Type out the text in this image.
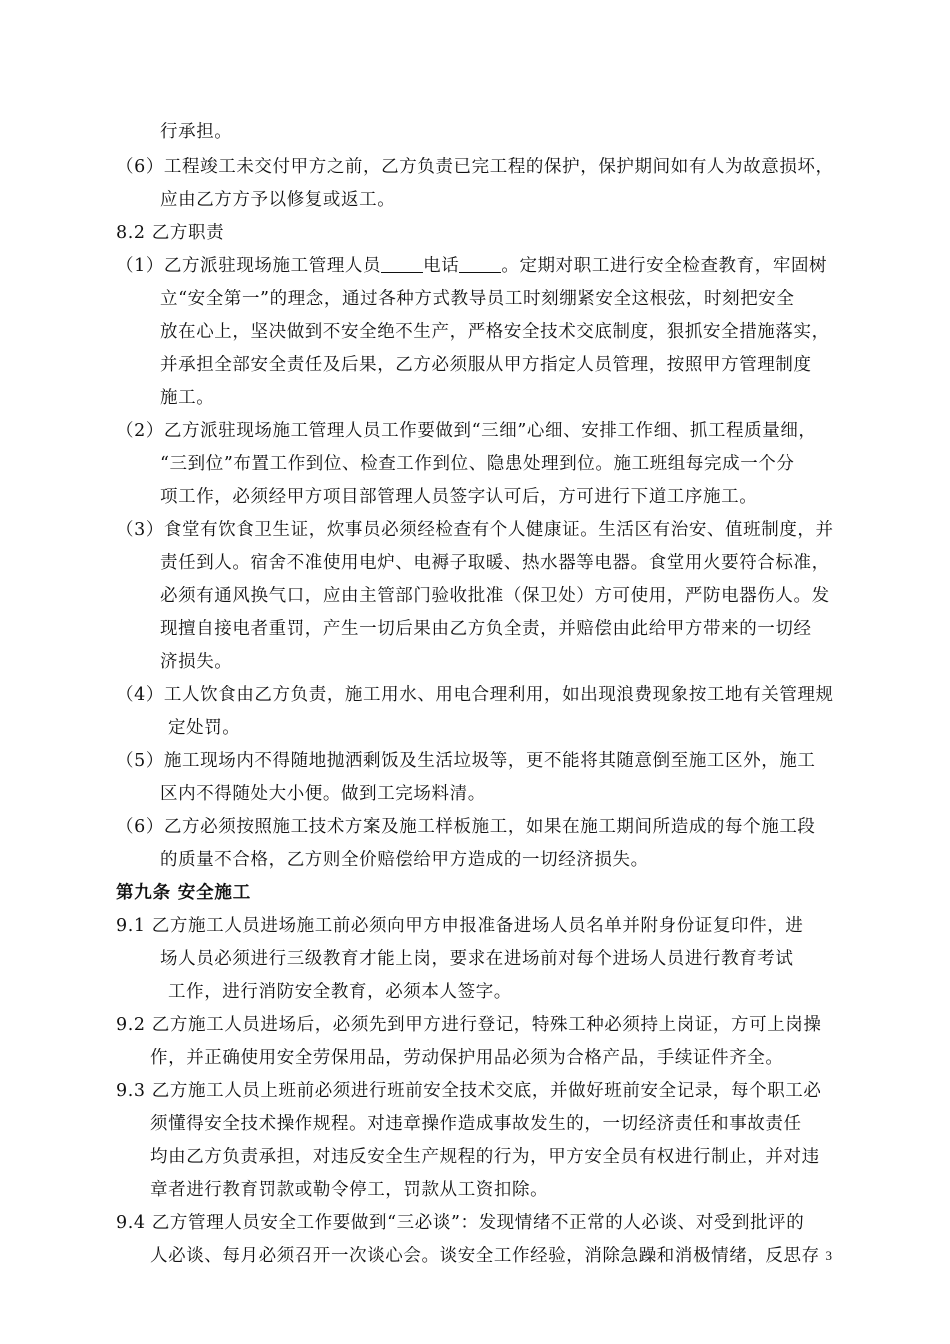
行承担。
（6）工程竣工未交付甲方之前，乙方负责已完工程的保护，保护期间如有人为故意损坏，
应由乙方方予以修复或返工。
8.2 乙方职责
（1）乙方派驻现场施工管理人员 电话 。定期对职工进行安全检查教育，牢固树
立“安全第一”的理念，通过各种方式教导员工时刻绷紧安全这根弦，时刻把安全
放在心上，坚决做到不安全绝不生产，严格安全技术交底制度，狠抓安全措施落实，
并承担全部安全责任及后果，乙方必须服从甲方指定人员管理，按照甲方管理制度
施工。
（2）乙方派驻现场施工管理人员工作要做到“三细”心细、安排工作细、抓工程质量细，
“三到位”布置工作到位、检查工作到位、隐患处理到位。施工班组每完成一个分
项工作，必须经甲方项目部管理人员签字认可后，方可进行下道工序施工。
（3）食堂有饮食卫生证，炊事员必须经检查有个人健康证。生活区有治安、值班制度，并
责任到人。宿舍不准使用电炉、电褥子取暖、热水器等电器。食堂用火要符合标准，
必须有通风换气口，应由主管部门验收批准（保卫处）方可使用，严防电器伤人。发
现擅自接电者重罚，产生一切后果由乙方负全责，并赔偿由此给甲方带来的一切经
济损失。
（4）工人饮食由乙方负责，施工用水、用电合理利用，如出现浪费现象按工地有关管理规
定处罚。
（5）施工现场内不得随地抛洒剩饭及生活垃圾等，更不能将其随意倒至施工区外，施工
区内不得随处大小便。做到工完场料清。
（6）乙方必须按照施工技术方案及施工样板施工，如果在施工期间所造成的每个施工段
的质量不合格，乙方则全价赔偿给甲方造成的一切经济损失。
第九条 安全施工
9.1 乙方施工人员进场施工前必须向甲方申报准备进场人员名单并附身份证复印件，进
场人员必须进行三级教育才能上岗，要求在进场前对每个进场人员进行教育考试
工作，进行消防安全教育，必须本人签字。
9.2 乙方施工人员进场后，必须先到甲方进行登记，特殊工种必须持上岗证，方可上岗操
作，并正确使用安全劳保用品，劳动保护用品必须为合格产品，手续证件齐全。
9.3 乙方施工人员上班前必须进行班前安全技术交底，并做好班前安全记录，每个职工必
须懂得安全技术操作规程。对违章操作造成事故发生的，一切经济责任和事故责任
均由乙方负责承担，对违反安全生产规程的行为，甲方安全员有权进行制止，并对违
章者进行教育罚款或勒令停工，罚款从工资扣除。
9.4 乙方管理人员安全工作要做到“三必谈”：发现情绪不正常的人必谈、对受到批评的
人必谈、每月必须召开一次谈心会。谈安全工作经验，消除急躁和消极情绪，反思存 3
